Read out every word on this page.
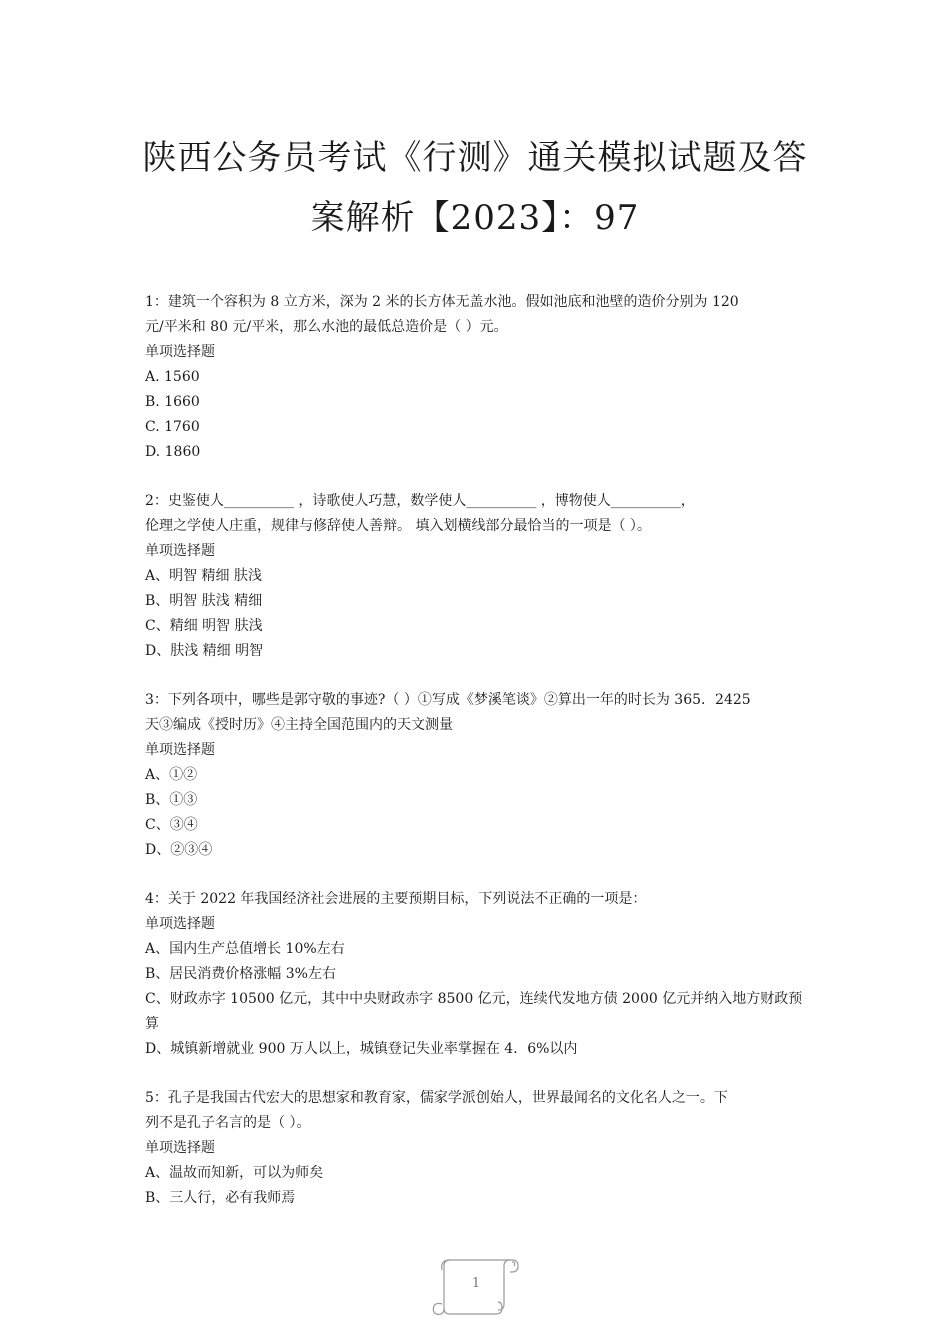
陕西公务员考试《行测》通关模拟试题及答
案解析【2023】：97
1：建筑一个容积为 8 立方米，深为 2 米的长方体无盖水池。假如池底和池壁的造价分别为 120
元/平米和 80 元/平米，那么水池的最低总造价是（ ）元。
单项选择题
A. 1560
B. 1660
C. 1760
D. 1860
2：史鉴使人__________ ，诗歌使人巧慧，数学使人__________ ，博物使人__________，
伦理之学使人庄重，规律与修辞使人善辩。 填入划横线部分最恰当的一项是（ ）。
单项选择题
A、明智 精细 肤浅
B、明智 肤浅 精细
C、精细 明智 肤浅
D、肤浅 精细 明智
3：下列各项中，哪些是郭守敬的事迹?（ ）①写成《梦溪笔谈》②算出一年的时长为 365．2425
天③编成《授时历》④主持全国范围内的天文测量
单项选择题
A、①②
B、①③
C、③④
D、②③④
4：关于 2022 年我国经济社会进展的主要预期目标，下列说法不正确的一项是：
单项选择题
A、国内生产总值增长 10%左右
B、居民消费价格涨幅 3%左右
C、财政赤字 10500 亿元，其中中央财政赤字 8500 亿元，连续代发地方债 2000 亿元并纳入地方财政预算
D、城镇新增就业 900 万人以上，城镇登记失业率掌握在 4．6%以内
5：孔子是我国古代宏大的思想家和教育家，儒家学派创始人，世界最闻名的文化名人之一。下
列不是孔子名言的是（ ）。
单项选择题
A、温故而知新，可以为师矣
B、三人行，必有我师焉
1
